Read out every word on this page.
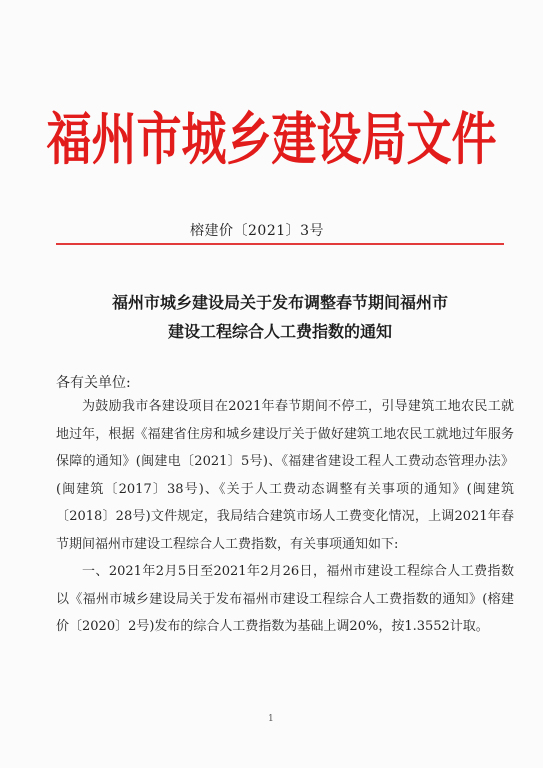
福州市城乡建设局文件
榕建价〔2021〕3号
福州市城乡建设局关于发布调整春节期间福州市
建设工程综合人工费指数的通知
各有关单位:

为鼓励我市各建设项目在2021年春节期间不停工，引导建筑工地农民工就地过年，根据《福建省住房和城乡建设厅关于做好建筑工地农民工就地过年服务保障的通知》(闽建电〔2021〕5号)、《福建省建设工程人工费动态管理办法》(闽建筑〔2017〕38号)、《关于人工费动态调整有关事项的通知》(闽建筑〔2018〕28号)文件规定，我局结合建筑市场人工费变化情况，上调2021年春节期间福州市建设工程综合人工费指数，有关事项通知如下:

一、2021年2月5日至2021年2月26日，福州市建设工程综合人工费指数以《福州市城乡建设局关于发布福州市建设工程综合人工费指数的通知》(榕建价〔2020〕2号)发布的综合人工费指数为基础上调20%，按1.3552计取。

1
